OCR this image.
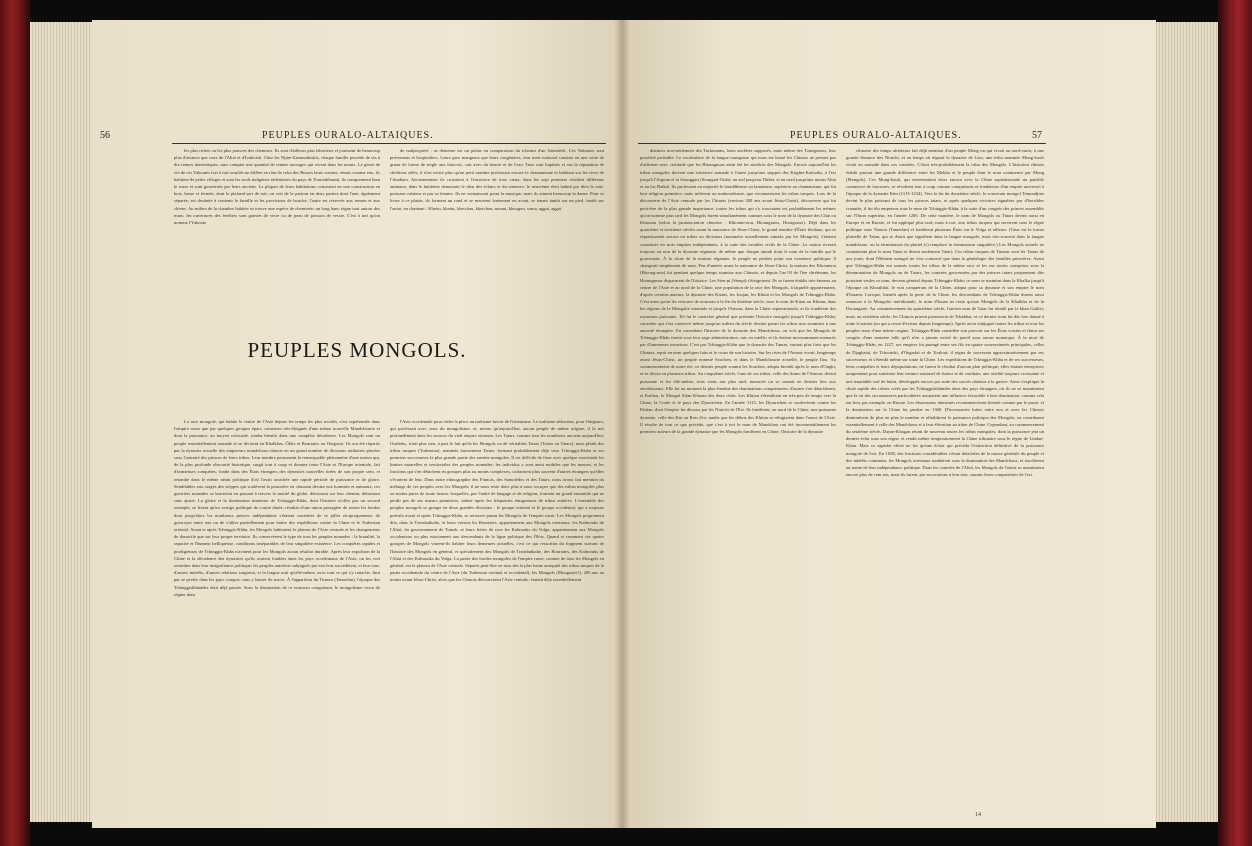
56	PEUPLES OURALO-ALTAIQUES.

les plus riches ou les plus pauvres des chemises. Ils sont d'ailleurs plus laborieux et jouissent de beaucoup plus d'aisance que ceux de l'Altaï et d'Ioukotsk. Chez les Nijne-Zamoudinskis, chaque famille possède de six à dix rennes domestiques, sans compter une quantité de rennes sauvages qui vivent dans les monts. Le genre de vie de ces Yakoutes fort à fait rosultés ne diffère en rien de celui des Russes leurs voisins; réunis comme eux, ils habitent de petits villages et sont les seuls indigènes sédentaires du pays de Touroukhansk; ils comprennent bien le russe et sont gouvernés par leurs anciens. La plupart de leurs habitations consistent en une construction en bois, basse et fermée, dont le plafond sert de toit; on voit de la partout en deux parties dont l'une, également séparée, est destinée à contenir la famille et les provisions de bouche; l'autre est réservée aux rennes et aux chiens. Au milieu de la chambre habitée se trouve une espèce de cheminée; un long banc règne tout autour des murs; les ouvertures des fenêtres sont garnies de verre ou de peau de poisson de vessie. C'est à tort qu'on nomme l'Yakoute

de malpropreté : sa demeure est un palais en comparaison du tchoum d'un Samoïède. Ces Yakoutes sont prévenants et hospitaliers. Leurs gros mangeurs que leurs congénères, leur mets national consiste en une sorte de gruau de farine de seigle aux haricots, cuit avec du beurre et de l'eau. Tous sont baptisés et ont la réputation de chrétiens zélés; il n'en existe plus qu'un petit nombre professant encore le chamanisme et habitant sur les rives de l'Anabara. Anciennement ils croyaient à l'existence de trois cieux; dans les sept premiers résident différents animaux; dans le huitième demeurait le dieu des éclairs et du tonnerre; le neuvième était habité par dieu le tout-puissant créateur et par sa femme. Ils ne connaissent point la musique, mais ils aiment beaucoup la danse. Pour se livrer à ce plaisir, ils forment un rond et se meuvent lentement en avant, se tenant tantôt sur un pied, tantôt sur l'autre, en chantant : Khettu, khettu, khetchau, khetchau, mouni, khougou, soma, aggai, aggai.

PEUPLES MONGOLS.

La race mongole, qui habite le centre de l'Asie depuis les temps les plus reculés, s'est représentée dans l'empire russe que par quelques groupes épars, ruineuses très-éloignés d'une même nouvelle Mandchourie et dont la puissance, au moyen colossale, tomba bientôt dans une complète décadence. Les Mongols sont un peuple essentiellement nomade et se divisent en Khalkhas, Ölöts et Bouriates ou Ouigouri. Ils ont été répartis par la dynastie actuelle des empereurs mandchous-chinois en un grand nombre de divisions militaires placées sous l'autorité des princes de leurs tribus. Leur nombre permanent le remarquable phénomène d'une nation qui, de la plus profonde obscurité historique, surgit tout à coup et domine toute l'Asie et l'Europe orientale, fait d'immenses conquêtes, fonde dans des États étrangers des dynasties nouvelles tirées de son propre sein, et retombe dans le même néant politique d'où l'avait arrachée une rapide période de puissance et de gloire. Semblables aux orages des steppes qui soulèvent la poussière en chassant devant eux hommes et animaux, ces guerriers nomades se lancèrent en passant à travers la moitié du globe, détruisant sur leur chemin, détruisant sans ajuste. La gloire et la domination immense de Tchinggis-Khân, dont l'histoire n'offre pas un second exemple, se fixent qu'un vestige politique de courte durée, résultat d'une union passagère de toutes les hordes dont jusqu'alors les nombreux princes indépendants s'étaient contentés de se piller réciproquement, de guerroyer entre eux ou de s'allier partiellement pour battre des expéditions contre la Chine et le Turkestan oriental. Avant et après Tchinggis-Khân, les Mongols habitaient le plateau de l'Asie centrale et les changements de domicile que sur leur propre territoire. Ils conservèrent le type de tous les peuples nomades : la brutalité, la rapacité et l'humeur belliqueuse, conditions inséparables de leur singulière existence. Les conquêtes rapides et prodigieuses de Tchinggis-Khân n'avaient pour les Mongols aucun résultat durable. Après leur expulsion de la Chine et la décadence des dynasties qu'ils avaient fondées dans les pays occidentaux de l'Asie, on les voit retomber dans leur insignifiance politique; les peuples autrefois subjugués par eux leur succédèrent, et leur tour; d'autres intérêts, d'autres relations surgirent, et la longue nuit qu'elle-même, avec tout ce qui s'y rattache, finit par se perdre dans les pays conquis, sans y laisser de traces. À l'apparition du Timour (Tamerlan), l'époque des Tchinggiskhânides était déjà passée. Sous la domination de ce nouveau conquérant, le mongolisme cessa de régner dans

l'Asie occidentale pour céder la place au turkisme favori de l'islamisme. Le turkisme séducteur, pour Ouïgours; qui professait avec ceux du mongolisme, et, mieux qu'aujourd'hui, aucun peuple de même origine, il la mit profondément dans les sources du vieil empire ottoman. Les Tatars, comme tous les nombreux anciens aujourd'hui, Ouzbeks, n'ont plus rien, à part le fait qu'ils les Mongols ou de véritables Tatars (Tatars ou Tatars), mais plutôt des tribus turques (Turkestan), nommés faussement Tatars, formant probablement déjà sous Tchinggis-Khân et ses premiers successeurs la plus grande partie des armées mongoles. Il est difficile de fixer avec quelque exactitude les limites naturelles et territoriales des peuples nomades; les individus y sont aussi mobiles que les masses, et les fractions qui s'en détachent en groupes plus ou moins complexes, colonisent plus souvent d'autres étrangers qu'elles s'écartent de leur. Dans notre ethnographie des Finnois, des Samoïèdes et des Tatars, nous avons fait mention du mélange de ces peuples avec les Mongols; il ne nous reste donc plus à nous occuper que des tribus mongoles plus ou moins pures de toute fusion, lesquelles, par l'unité de langage et de religion, forment un grand ensemble qui ne perdit pas de ses mœurs primitives, même après les fréquentes émigrations de tribus entières. L'ensemble des peuples mongols se groupe en deux grandes divisions : le groupe oriental et le groupe occidental, qui a toujours prévalu avant et après Tchinggis-Khân, se retrouve parmi les Mongols de l'empire russe. Les Mongols proprement dits, dans la Transbaïkalie, et leurs voisins les Bouriates, appartiennent aux Mongols orientaux; les Kalmouks de l'Altaï, du gouvernement de Tomsk, et leurs frères de race les Kalmouks du Volga, appartiennent aux Mongols occidentaux ou plus exactement aux descendants de la ligue politique des Ölöts. Quand et comment ces quatre groupes de Mongols vinrent-ils habiter leurs demeures actuelles, c'est ce qui ressortira du fragment suivant de l'histoire des Mongols en général, et spécialement des Mongols de Transbaïkalie, des Bouriates, des Kalmouks de l'Altaï et des Kalmouks du Volga. La patrie des hordes mongoles de l'empire russe, comme de tous les Mongols en général, est le plateau de l'Asie centrale. Séparés peut-être en tous des la plus haute antiquité des tribus turques de la partie occidentale du centre de l'Asie (du Turkestan oriental et occidental), les Mongols (Mongoues?), 200 ans au moins avant Jésus-Christ, alors que les Chinois découvrirent l'Asie centrale, étaient déjà essentiellement

PEUPLES OURALO-ALTAIQUES.	57

distincts non-seulement des Turkomans, leurs ancêtres supposés, mais même des Toungouses, leur postérité probable. Le vocabulaire de la langue toungouse qui nous est laissé les Chinois ne permet pas d'affirmer avec certitude que les Hioungnous aient été les ancêtres des Mongols. Encore aujourd'hui les tribus mongoles doivent une existence nomade à l'ouest jusqu'aux steppes des Kirghiz-Kaïssaks, à l'est jusqu'à l'Argoun et la Sounggari (Soungari-Oula), au sud jusqu'au Thibet, et au nord jusqu'aux monts Altaï et au lac Baïkal. Ils professent en majorité le bouddhisme ou lamaïsme, supérieur au chamanisme, qui fut leur religion primitive; mais inférieur au mahométisme, que reconnaissent les tribus turques. Lors de la découverte de l'Asie centrale par les Chinois (environ 200 ans avant Jésus-Christ), découverte qui fut peut-être de la plus grande importance, toutes les tribus qui s'y trouvaient est probablement les mêmes qu'on nomme plus tard les Mongols furent simultanément connues sous le nom de la dynastie des Chin ou Khiounn (selon la prononciation chinoise : Khiounn-nou, Hioungnous, Hiongnous). Déjà dans les quatrième et troisième siècles avant la naissance de Jésus-Christ, le grand nombre d'États féodaux, qui se répartissaient encore en tribus ou divisions (nommées actuellement aimaks par les Mongols), s'étaient constitués en trois empires indépendants, à la suite des troubles civils de la Chine. La nation riverait toujours ou non de la dynastie régnante, de même que chaque aimak tirait le nom de la famille qui le gouvernait. À la chute de la maison régnante, le peuple ne perdait point son existence politique; il changeait simplement de nom. Peu d'années avant la naissance de Jésus-Christ, la maison des Khounnou (Hioung-nou) fut pendant quelque temps soumise aux Chinois; et depuis l'an 93 de l'ère chrétienne, les Hioungnous disparurent de l'histoire. Les Sien-pi (Sienpi) s'éteignirent. Ils se furent établis très-fameux au centre de l'Asie et au nord de la Chine, une population de la race des Mongols, à laquelle appartenaient, d'après certains auteurs, la dynastie des Kitans, les Joujan, les Khitaï et les Mongols de Tchinggis-Khân. C'est ainsi qu'on les retrouve de nouveau à la fin du dixième siècle, sous le nom de Kitan ou Khitan, dans les régions de la Mongolie orientale et jusqu'à l'Amour, dans la Chine septentrionale; et ils fondèrent des royaumes puissants. Tel fut le caractère général que présente l'histoire mongole jusqu'à Tchinggis-Khân, caractère qui s'est conservé même jusqu'au milieu du siècle dernier parmi les tribus non soumises à une autorité étrangère. En consultant l'histoire de la dynastie des Mandchous, on voit que les Mongols de Tchinggis-Khân furent sous leur sage administration, mis en tutelle; et ils étaient incessamment menacés par d'immenses invasions. C'est par Tchinggis-Khân que la dynastie des Tamas, surtout plus forts que les Chinois, reprit en nom quelques faits et le cours de son histoire. Sur les rives de l'Amour vivait, longtemps avant Jésus-Christ, un peuple nommé Souchen, et dans le Mandchourie actuelle, le peuple Ilou. Au commencement de notre ère, ce dernier peuple soumit les Souchen, adopta bientôt après le nom d'Ougki, et se divisa en plusieurs tribus. Au cinquième siècle, l'une de ces tribus, celle des Sumo de l'Amour, devint puissante et fut elle-même, trois cents ans plus tard, menacée ou se soumit en dernier lieu aux envahisseurs. Elle fut un moment la plus étendue des dominations conquérantes; d'autres s'en détachèrent, et Kaïdou, le Mongol Sifan Kharan des deux côtés. Les Khitan s'étendirent en très-peu de temps vers la Chine, la Corée et le pays des Djourtchen. En l'année 1115, les Djourtchen se soulevèrent contre les Khitan, dont l'empire fut dissous par les Niutchi de l'Est. Ils fondèrent, au nord de la Chine, une puissante dynastie, celle des Kin ou Rois d'or, tandis que les débris des Khitan se réfugiaient dans l'ouest de l'Asie. Il résulte de tout ce que précède, que c'est à tort le nom de Mandchou ont été incontestablement les premiers auteurs de la grande dynastie que les Mongols fondèrent en Chine; l'histoire de la dynastie

chinoise des temps ultérieurs fait déjà mention d'un peuple Mong-on qui vivait au nord-ouest, à une grande distance des Niutchi; et au temps où régnait la dynastie de Liao, une tribu nommée Mong-kouli vivait en nomade dans ces contrées. C'était très-probablement la tribu des Mongols. L'historien chinois établit partout une grande différence entre les Mokho et le peuple dont le nom commence par Mong (Mongols). Ces Mong-kouli, qui entretenaient alors encore avec la Chine septentrionale un paisible commerce de fourrures, se révoltent tout à coup comme conquérants et fondateurs d'un empire universel à l'époque de la dynastie Kim (1115-1234). Vers la fin du douzième siècle, le souverain mongol Temoudjine devint le plus puissant de tous les princes tatars, et après quelques victoires signalées par d'horribles cruautés, il fut élu empereur sous le nom de Tchinggis-Khân, à la suite d'un congrès des princes assemblés sur l'Onon supérieur, en l'année 1206. De cette manière, le nom de Mongols ou Tatars devint aussi en Europe et en Russie, et fut appliqué plus tard, mais à tort, aux tribus turques qui servirent sous le règne politique sous Timour (Tamerlan) et fondèrent plusieurs États sur le Volga et ailleurs. (Tatar est la forme plurielle de Tatan, qui se disait que signifient dans la langue mongole, mais très-souvent dans la langue mandchoue, ou la terminaison du pluriel (r) remplace la terminaison singulière.) Les Mongols actuels ne connaissent plus le nom Tatan et disent seulement Tatar). Ces tribus turques de Timour sont les Tatars de nos jours, dont l'élément mongol ne s'est conservé que dans la généalogie des familles princières. Avant que Tchinggis-Khân eut soumis toutes les tribus de la même race et les eut toutes comprises sous la dénomination de Mongols ou de Tatars, les contrées gouvernées par des princes tatars proprement dits portaient seules ce nom, devenu général depuis Tchinggis-Khân; ce nom se maintint dans la Khalka jusqu'à l'époque où Khoubilaï, le vrai conquérant de la Chine, adopta pour sa dynastie et son empire le nom d'Iouann. Lorsque, bientôt après la perte de la Chine, les descendants de Tchinggis-Khân durent aussi renoncer à la Mongolie méridionale, le nom d'Iouan ne resta qu'aux Mongols de la Khalkha et de la Dzoungarie. Au commencement du quinzième siècle, l'ancien nom de Tatar fut rétabli par le khan Gulitsi; mais, au seizième siècle, les Chinois prirent possession de Tchakhar, et ce dernier nom fut dès lors donné à toute la nation (ou qui a cessé d'exister depuis longtemps). Après avoir subjugué toutes les tribus et tous les peuples issus d'une même origine, Tchinggis-Khân considère son pouvoir sur les États voisins et finira ses congrès d'une manière telle qu'il n'en a jamais existé de pareil sous aucun monarque. À la mort de Tchinggis-Khân, en 1227, ses empires fut partagé entre ses fils en quatre souverainetés principales, celles de Djaghataï, de Tchoutchi, d'Ougodaï et de Touloui; il régna de souverain approximativement par ses successeurs et s'étendit même sur toute la Chine. Les expéditions de Tchinggis-Khân et de ses successeurs, leurs conquêtes et leurs dépopulations, ne furent le résultat d'aucun plan politique; elles étaient entreprises uniquement pour satisfaire leur instinct national de fureur et de combats; une avidité toujours croissante et une insatiable soif de butin, développée encore par suite des succès obtenus à la guerre. Ainsi s'explique la chute rapide des trônes créés par les Tchinggiskhânides dans des pays étrangers, où ils ne se maintinrent que la où des circonstances particulières assuraient une influence favorable à leur domination, comme cela eut lieu, par exemple, en Russie. Les dissensions intestines recommencèrent bientôt comme par le passé, et la domination sur la Chine fut perdue en 1368. D'incessantes luttes entre eux et avec les Chinois diminuèrent de plus en plus le nombre et affaiblirent la puissance politique des Mongols, en contribuant essentiellement à celle des Mandchous et à leur élévation au trône de Chine. Cependant, au commencement du seizième siècle, Dayan-Khagan réunit de nouveau toutes les tribus mongoles, dont la puissance jeta un dernier éclat sous son règne, et rendit même temporairement la Chine tributaire sous le règne de Lindan-Khan. Mais ce superbe effort ne fut qu'une éclair qui précéda l'extinction définitive de la puissance mongole de l'est. En 1638, des fractions considérables s'étant détachées de la masse générale du peuple et des intérêts communs, les Mongols orientaux tombèrent sous la domination des Mandchous, et touchèrent au terme de leur indépendance politique. Dans les contrées de l'Altaï, les Mongols de l'ouest se maintinrent encore plus de cent ans, mais ils furent, par successions à leur tour, soumis leurs compatriotes de l'est.

14
